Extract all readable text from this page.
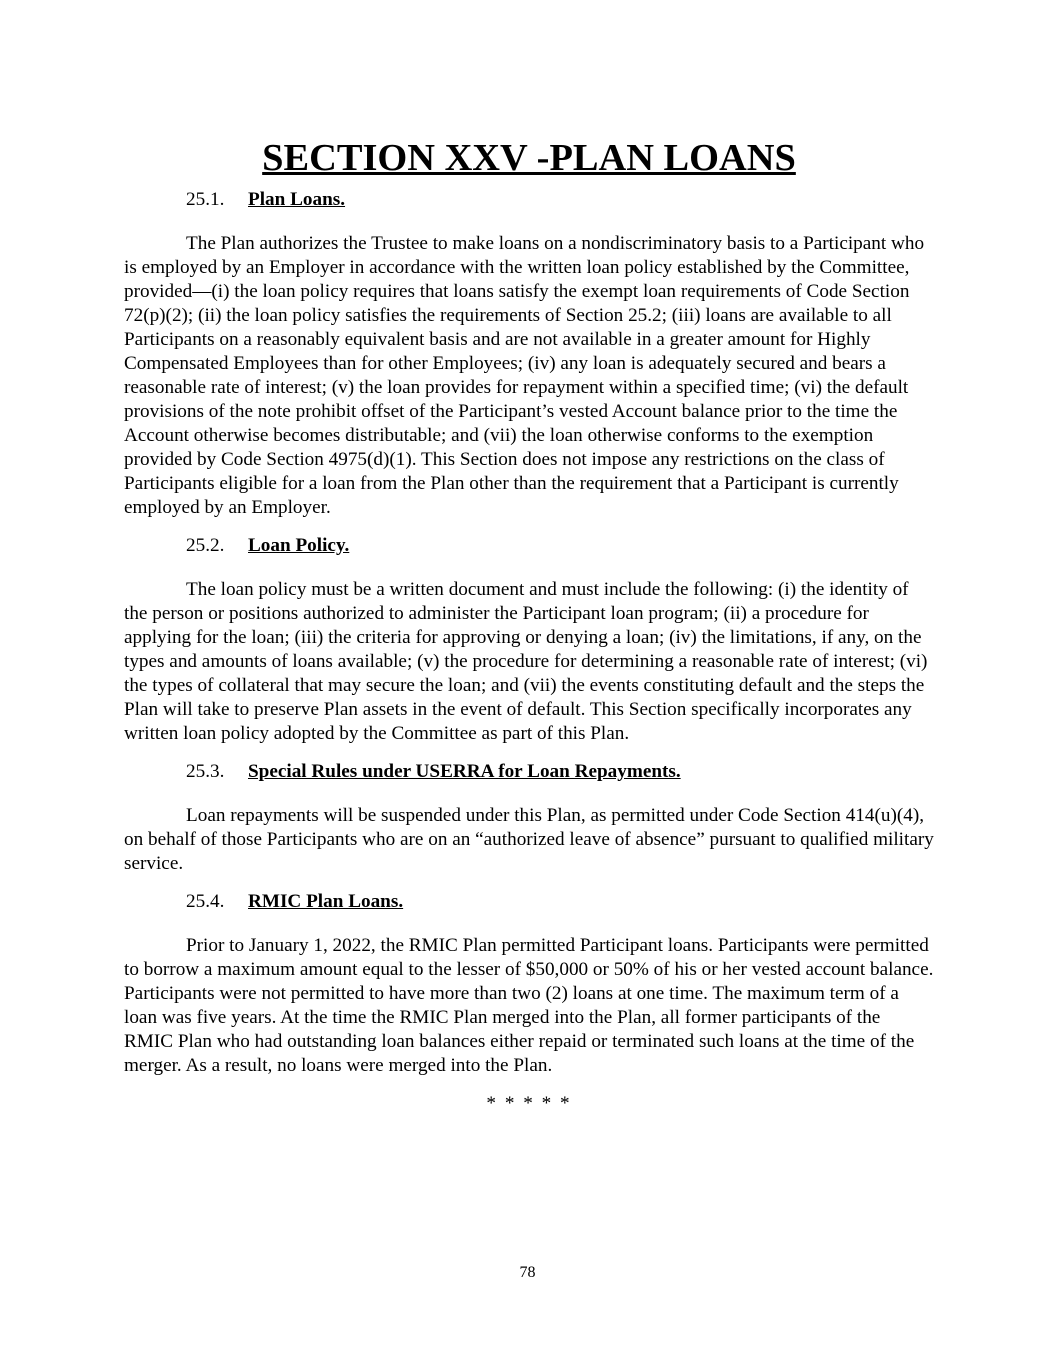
SECTION XXV -PLAN LOANS
25.1. Plan Loans.

The Plan authorizes the Trustee to make loans on a nondiscriminatory basis to a Participant who is employed by an Employer in accordance with the written loan policy established by the Committee, provided—(i) the loan policy requires that loans satisfy the exempt loan requirements of Code Section 72(p)(2); (ii) the loan policy satisfies the requirements of Section 25.2; (iii) loans are available to all Participants on a reasonably equivalent basis and are not available in a greater amount for Highly Compensated Employees than for other Employees; (iv) any loan is adequately secured and bears a reasonable rate of interest; (v) the loan provides for repayment within a specified time; (vi) the default provisions of the note prohibit offset of the Participant’s vested Account balance prior to the time the Account otherwise becomes distributable; and (vii) the loan otherwise conforms to the exemption provided by Code Section 4975(d)(1). This Section does not impose any restrictions on the class of Participants eligible for a loan from the Plan other than the requirement that a Participant is currently employed by an Employer.

25.2. Loan Policy.

The loan policy must be a written document and must include the following: (i) the identity of the person or positions authorized to administer the Participant loan program; (ii) a procedure for applying for the loan; (iii) the criteria for approving or denying a loan; (iv) the limitations, if any, on the types and amounts of loans available; (v) the procedure for determining a reasonable rate of interest; (vi) the types of collateral that may secure the loan; and (vii) the events constituting default and the steps the Plan will take to preserve Plan assets in the event of default. This Section specifically incorporates any written loan policy adopted by the Committee as part of this Plan.

25.3. Special Rules under USERRA for Loan Repayments.

Loan repayments will be suspended under this Plan, as permitted under Code Section 414(u)(4), on behalf of those Participants who are on an “authorized leave of absence” pursuant to qualified military service.

25.4. RMIC Plan Loans.

Prior to January 1, 2022, the RMIC Plan permitted Participant loans. Participants were permitted to borrow a maximum amount equal to the lesser of $50,000 or 50% of his or her vested account balance. Participants were not permitted to have more than two (2) loans at one time. The maximum term of a loan was five years. At the time the RMIC Plan merged into the Plan, all former participants of the RMIC Plan who had outstanding loan balances either repaid or terminated such loans at the time of the merger. As a result, no loans were merged into the Plan.

* * * * *
78
